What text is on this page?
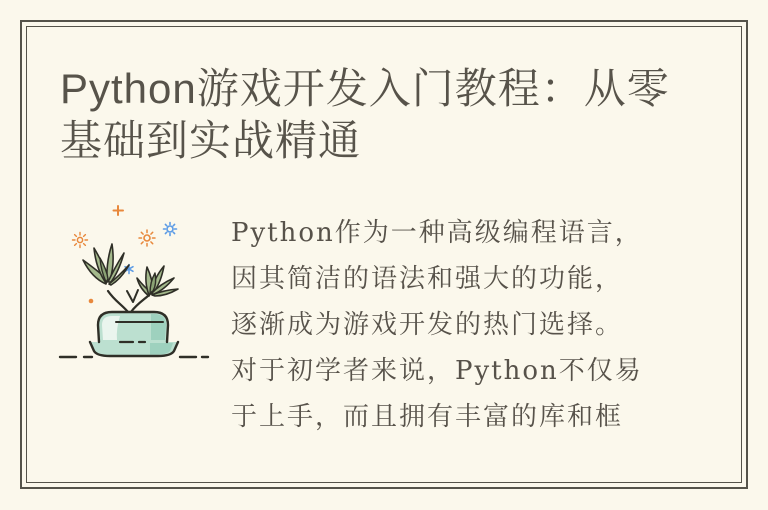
Python游戏开发入门教程：从零
基础到实战精通
Python作为一种高级编程语言，
因其简洁的语法和强大的功能，
逐渐成为游戏开发的热门选择。
对于初学者来说，Python不仅易
于上手，而且拥有丰富的库和框
